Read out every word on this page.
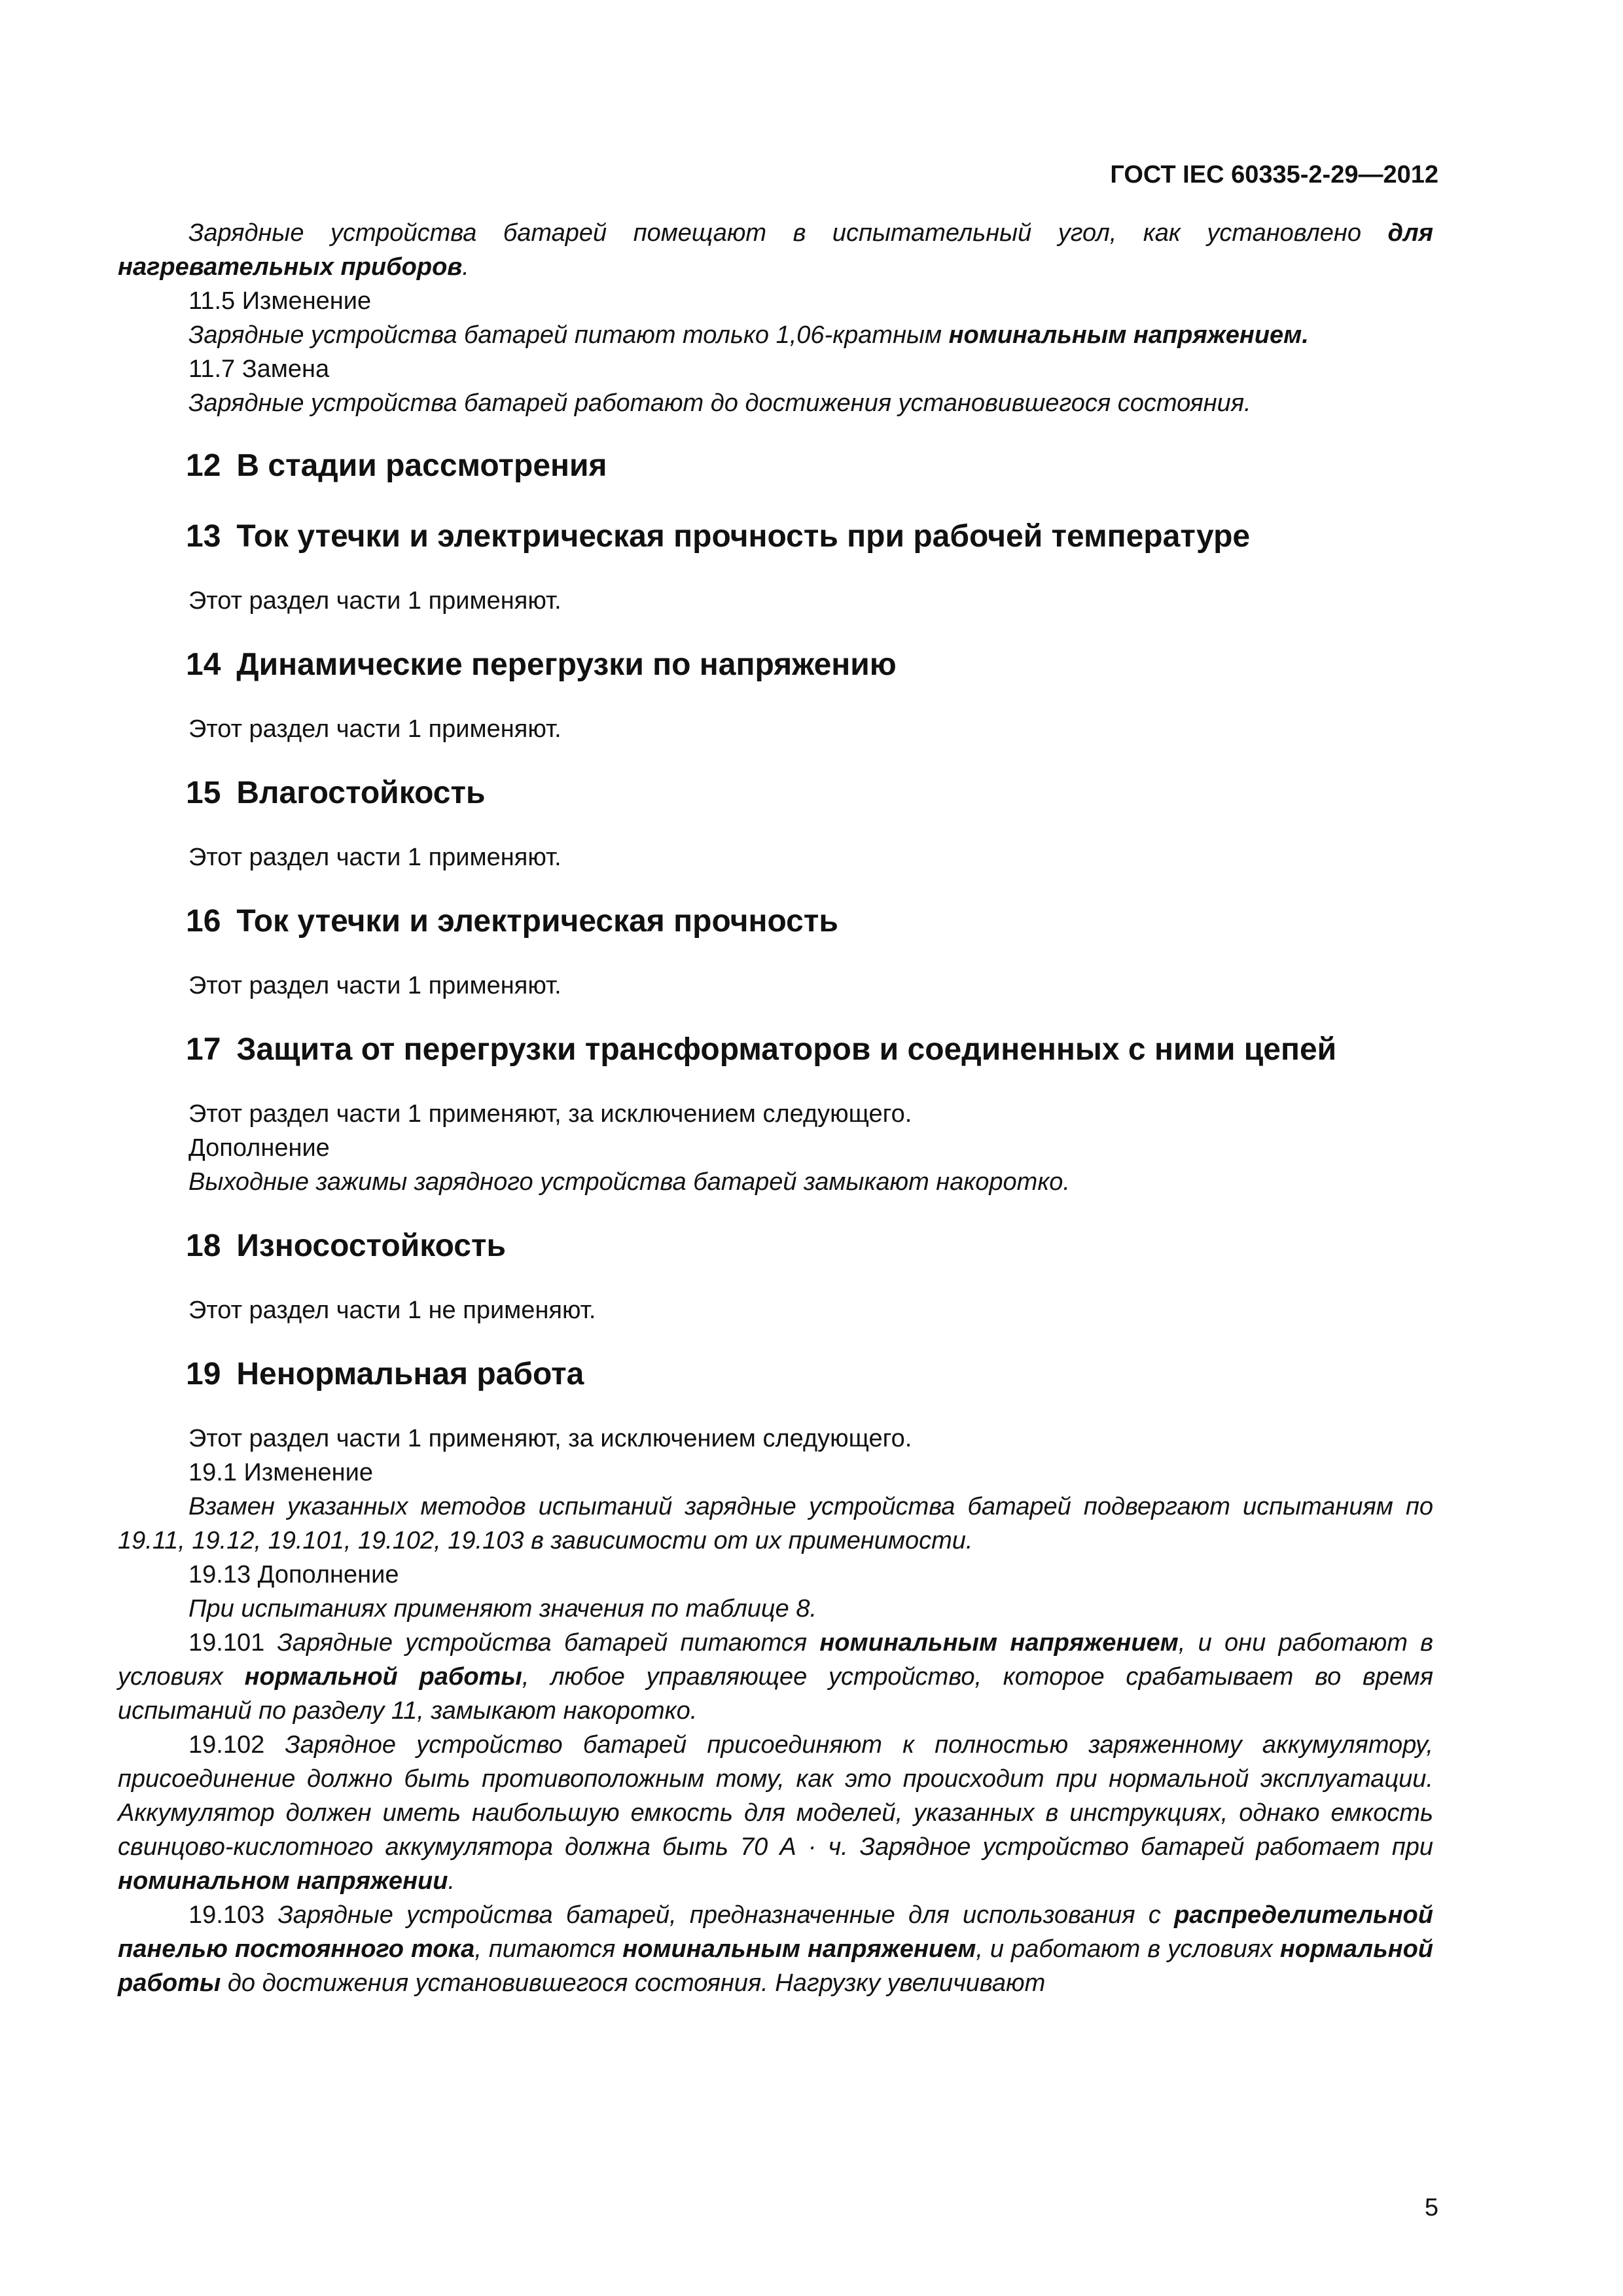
ГОСТ IEC 60335-2-29—2012

Зарядные устройства батарей помещают в испытательный угол, как установлено для нагревательных приборов.

11.5 Изменение

Зарядные устройства батарей питают только 1,06-кратным номинальным напряжением.

11.7 Замена

Зарядные устройства батарей работают до достижения установившегося состояния.

12 В стадии рассмотрения
13 Ток утечки и электрическая прочность при рабочей температуре

Этот раздел части 1 применяют.

14 Динамические перегрузки по напряжению

Этот раздел части 1 применяют.

15 Влагостойкость

Этот раздел части 1 применяют.

16 Ток утечки и электрическая прочность

Этот раздел части 1 применяют.

17 Защита от перегрузки трансформаторов и соединенных с ними цепей

Этот раздел части 1 применяют, за исключением следующего.

Дополнение

Выходные зажимы зарядного устройства батарей замыкают накоротко.

18 Износостойкость

Этот раздел части 1 не применяют.

19 Ненормальная работа

Этот раздел части 1 применяют, за исключением следующего.

19.1 Изменение

Взамен указанных методов испытаний зарядные устройства батарей подвергают испытаниям по 19.11, 19.12, 19.101, 19.102, 19.103 в зависимости от их применимости.

19.13 Дополнение

При испытаниях применяют значения по таблице 8.

19.101 Зарядные устройства батарей питаются номинальным напряжением, и они работают в условиях нормальной работы, любое управляющее устройство, которое срабатывает во время испытаний по разделу 11, замыкают накоротко.

19.102 Зарядное устройство батарей присоединяют к полностью заряженному аккумулятору, присоединение должно быть противоположным тому, как это происходит при нормальной эксплуатации. Аккумулятор должен иметь наибольшую емкость для моделей, указанных в инструкциях, однако емкость свинцово-кислотного аккумулятора должна быть 70 А · ч. Зарядное устройство батарей работает при номинальном напряжении.

19.103 Зарядные устройства батарей, предназначенные для использования с распределительной панелью постоянного тока, питаются номинальным напряжением, и работают в условиях нормальной работы до достижения установившегося состояния. Нагрузку увеличивают

5
